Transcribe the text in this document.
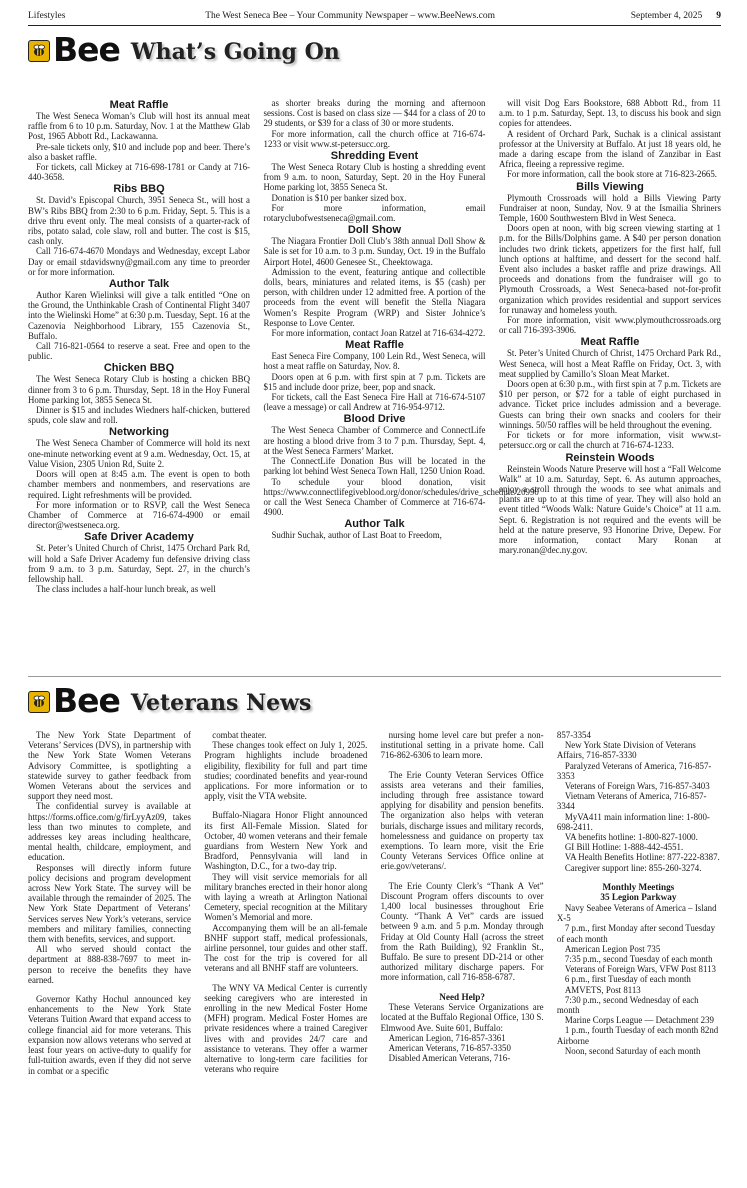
Lifestyles	The West Seneca Bee – Your Community Newspaper – www.BeeNews.com	September 4, 2025 9
Bee What’s Going On
Meat Raffle

The West Seneca Woman’s Club will host its annual meat raffle from 6 to 10 p.m. Saturday, Nov. 1 at the Matthew Glab Post, 1965 Abbott Rd., Lackawanna.

Pre-sale tickets only, $10 and include pop and beer. There’s also a basket raffle.

For tickets, call Mickey at 716-698-1781 or Candy at 716-440-3658.

Ribs BBQ

St. David’s Episcopal Church, 3951 Seneca St., will host a BW’s Ribs BBQ from 2:30 to 6 p.m. Friday, Sept. 5. This is a drive thru event only. The meal consists of a quarter-rack of ribs, potato salad, cole slaw, roll and butter. The cost is $15, cash only.

Call 716-674-4670 Mondays and Wednesday, except Labor Day or email stdavidswny@gmail.com any time to preorder or for more information.

Author Talk

Author Karen Wielinksi will give a talk entitled “One on the Ground, the Unthinkable Crash of Continental Flight 3407 into the Wielinski Home” at 6:30 p.m. Tuesday, Sept. 16 at the Cazenovia Neighborhood Library, 155 Cazenovia St., Buffalo.

Call 716-821-0564 to reserve a seat. Free and open to the public.

Chicken BBQ

The West Seneca Rotary Club is hosting a chicken BBQ dinner from 3 to 6 p.m. Thursday, Sept. 18 in the Hoy Funeral Home parking lot, 3855 Seneca St.

Dinner is $15 and includes Wiedners half-chicken, buttered spuds, cole slaw and roll.

Networking

The West Seneca Chamber of Commerce will hold its next one-minute networking event at 9 a.m. Wednesday, Oct. 15, at Value Vision, 2305 Union Rd, Suite 2.

Doors will open at 8:45 a.m. The event is open to both chamber members and nonmembers, and reservations are required. Light refreshments will be provided.

For more information or to RSVP, call the West Seneca Chamber of Commerce at 716-674-4900 or email director@westseneca.org.

Safe Driver Academy

St. Peter’s United Church of Christ, 1475 Orchard Park Rd, will hold a Safe Driver Academy fun defensive driving class from 9 a.m. to 3 p.m. Saturday, Sept. 27, in the church’s fellowship hall.

The class includes a half-hour lunch break, as well

as shorter breaks during the morning and afternoon sessions. Cost is based on class size — $44 for a class of 20 to 29 students, or $39 for a class of 30 or more students.

For more information, call the church office at 716-674-1233 or visit www.st-petersucc.org.

Shredding Event

The West Seneca Rotary Club is hosting a shredding event from 9 a.m. to noon, Saturday, Sept. 20 in the Hoy Funeral Home parking lot, 3855 Seneca St.

Donation is $10 per banker sized box.

For more information, email rotaryclubofwestseneca@gmail.com.

Doll Show

The Niagara Frontier Doll Club’s 38th annual Doll Show & Sale is set for 10 a.m. to 3 p.m. Sunday, Oct. 19 in the Buffalo Airport Hotel, 4600 Genesee St., Cheektowaga.

Admission to the event, featuring antique and collectible dolls, bears, miniatures and related items, is $5 (cash) per person, with children under 12 admitted free. A portion of the proceeds from the event will benefit the Stella Niagara Women’s Respite Program (WRP) and Sister Johnice’s Response to Love Center.

For more information, contact Joan Ratzel at 716-634-4272.

Meat Raffle

East Seneca Fire Company, 100 Lein Rd., West Seneca, will host a meat raffle on Saturday, Nov. 8.

Doors open at 6 p.m. with first spin at 7 p.m. Tickets are $15 and include door prize, beer, pop and snack.

For tickets, call the East Seneca Fire Hall at 716-674-5107 (leave a message) or call Andrew at 716-954-9712.

Blood Drive

The West Seneca Chamber of Commerce and ConnectLife are hosting a blood drive from 3 to 7 p.m. Thursday, Sept. 4, at the West Seneca Farmers’ Market.

The ConnectLife Donation Bus will be located in the parking lot behind West Seneca Town Hall, 1250 Union Road.

To schedule your blood donation, visit https://www.connectlifegiveblood.org/donor/schedules/drive_schedule/20990 or call the West Seneca Chamber of Commerce at 716-674-4900.

Author Talk

Sudhir Suchak, author of Last Boat to Freedom,

will visit Dog Ears Bookstore, 688 Abbott Rd., from 11 a.m. to 1 p.m. Saturday, Sept. 13, to discuss his book and sign copies for attendees.

A resident of Orchard Park, Suchak is a clinical assistant professor at the University at Buffalo. At just 18 years old, he made a daring escape from the island of Zanzibar in East Africa, fleeing a repressive regime.

For more information, call the book store at 716-823-2665.

Bills Viewing

Plymouth Crossroads will hold a Bills Viewing Party Fundraiser at noon, Sunday, Nov. 9 at the Ismailia Shriners Temple, 1600 Southwestern Blvd in West Seneca.

Doors open at noon, with big screen viewing starting at 1 p.m. for the Bills/Dolphins game. A $40 per person donation includes two drink tickets, appetizers for the first half, full lunch options at halftime, and dessert for the second half. Event also includes a basket raffle and prize drawings. All proceeds and donations from the fundraiser will go to Plymouth Crossroads, a West Seneca-based not-for-profit organization which provides residential and support services for runaway and homeless youth.

For more information, visit www.plymouthcrossroads.org or call 716-393-3906.

Meat Raffle

St. Peter’s United Church of Christ, 1475 Orchard Park Rd., West Seneca, will host a Meat Raffle on Friday, Oct. 3, with meat supplied by Camillo’s Sloan Meat Market.

Doors open at 6:30 p.m., with first spin at 7 p.m. Tickets are $10 per person, or $72 for a table of eight purchased in advance. Ticket price includes admission and a beverage. Guests can bring their own snacks and coolers for their winnings. 50/50 raffles will be held throughout the evening.

For tickets or for more information, visit www.st-petersucc.org or call the church at 716-674-1233.

Reinstein Woods

Reinstein Woods Nature Preserve will host a “Fall Welcome Walk” at 10 a.m. Saturday, Sept. 6. As autumn approaches, enjoy a stroll through the woods to see what animals and plants are up to at this time of year. They will also hold an event titled “Woods Walk: Nature Guide’s Choice” at 11 a.m. Sept. 6. Registration is not required and the events will be held at the nature preserve, 93 Honorine Drive, Depew. For more information, contact Mary Ronan at mary.ronan@dec.ny.gov.

Bee Veterans News

The New York State Department of Veterans’ Services (DVS), in partnership with the New York State Women Veterans Advisory Committee, is spotlighting a statewide survey to gather feedback from Women Veterans about the services and support they need most.

The confidential survey is available at https://forms.office.com/g/firLyyAz09, takes less than two minutes to complete, and addresses key areas including healthcare, mental health, childcare, employment, and education.

Responses will directly inform future policy decisions and program development across New York State. The survey will be available through the remainder of 2025. The New York State Department of Veterans’ Services serves New York’s veterans, service members and military families, connecting them with benefits, services, and support.

All who served should contact the department at 888-838-7697 to meet in-person to receive the benefits they have earned.

Governor Kathy Hochul announced key enhancements to the New York State Veterans Tuition Award that expand access to college financial aid for more veterans. This expansion now allows veterans who served at least four years on active-duty to qualify for full-tuition awards, even if they did not serve in combat or a specific

combat theater.

These changes took effect on July 1, 2025. Program highlights include broadened eligibility, flexibility for full and part time studies; coordinated benefits and year-round applications. For more information or to apply, visit the VTA website.

Buffalo-Niagara Honor Flight announced its first All-Female Mission. Slated for October, 40 women veterans and their female guardians from Western New York and Bradford, Pennsylvania will land in Washington, D.C., for a two-day trip.

They will visit service memorials for all military branches erected in their honor along with laying a wreath at Arlington National Cemetery, special recognition at the Military Women’s Memorial and more.

Accompanying them will be an all-female BNHF support staff, medical professionals, airline personnel, tour guides and other staff. The cost for the trip is covered for all veterans and all BNHF staff are volunteers.

The WNY VA Medical Center is currently seeking caregivers who are interested in enrolling in the new Medical Foster Home (MFH) program. Medical Foster Homes are private residences where a trained Caregiver lives with and provides 24/7 care and assistance to veterans. They offer a warmer alternative to long-term care facilities for veterans who require

nursing home level care but prefer a non-institutional setting in a private home. Call 716-862-6306 to learn more.

The Erie County Veteran Services Office assists area veterans and their families, including through free assistance toward applying for disability and pension benefits. The organization also helps with veteran burials, discharge issues and military records, homelessness and guidance on property tax exemptions. To learn more, visit the Erie County Veterans Services Office online at erie.gov/veterans/.

The Erie County Clerk’s “Thank A Vet” Discount Program offers discounts to over 1,400 local businesses throughout Erie County. “Thank A Vet” cards are issued between 9 a.m. and 5 p.m. Monday through Friday at Old County Hall (across the street from the Rath Building), 92 Franklin St., Buffalo. Be sure to present DD-214 or other authorized military discharge papers. For more information, call 716-858-6787.

Need Help?

These Veterans Service Organizations are located at the Buffalo Regional Office, 130 S. Elmwood Ave. Suite 601, Buffalo:

American Legion, 716-857-3361

American Veterans, 716-857-3350

Disabled American Veterans, 716-

857-3354

New York State Division of Veterans Affairs, 716-857-3330

Paralyzed Veterans of America, 716-857-3353

Veterans of Foreign Wars, 716-857-3403

Vietnam Veterans of America, 716-857-3344

MyVA411 main information line: 1-800-698-2411.

VA benefits hotline: 1-800-827-1000.

GI Bill Hotline: 1-888-442-4551.

VA Health Benefits Hotline: 877-222-8387.

Caregiver support line: 855-260-3274.

Monthly Meetings
35 Legion Parkway

Navy Seabee Veterans of America – Island X-5

7 p.m., first Monday after second Tuesday of each month

American Legion Post 735

7:35 p.m., second Tuesday of each month

Veterans of Foreign Wars, VFW Post 8113

6 p.m., first Tuesday of each month

AMVETS, Post 8113

7:30 p.m., second Wednesday of each month

Marine Corps League — Detachment 239

1 p.m., fourth Tuesday of each month 82nd Airborne

Noon, second Saturday of each month
